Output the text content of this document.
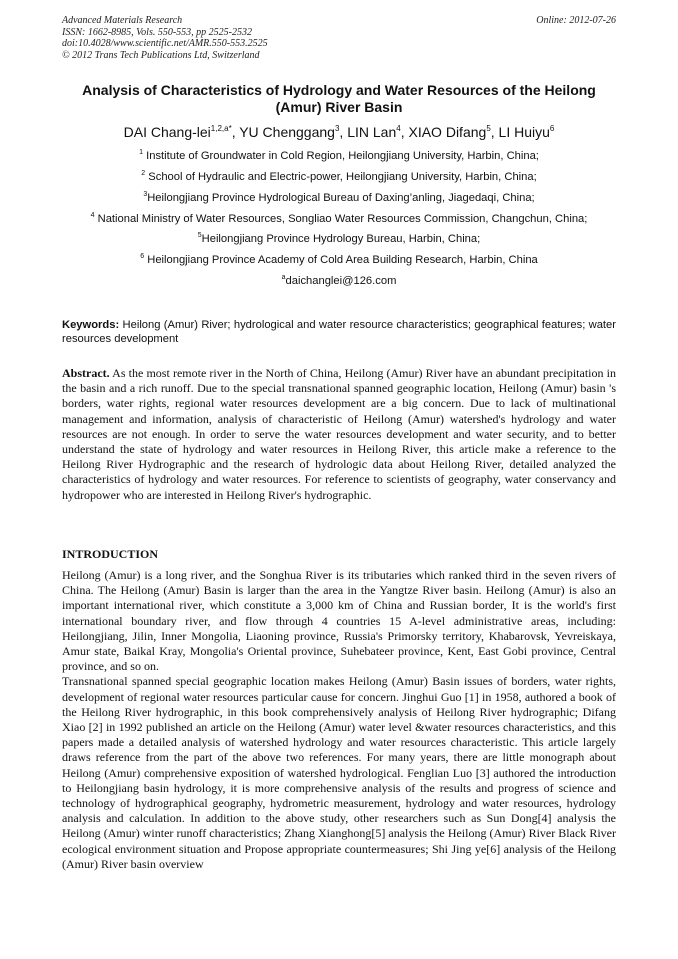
Advanced Materials Research
ISSN: 1662-8985, Vols. 550-553, pp 2525-2532
doi:10.4028/www.scientific.net/AMR.550-553.2525
© 2012 Trans Tech Publications Ltd, Switzerland
Online: 2012-07-26
Analysis of Characteristics of Hydrology and Water Resources of the Heilong (Amur) River Basin
DAI Chang-lei$^{1,2,a*}$, YU Chenggang$^3$, LIN Lan$^4$, XIAO Difang$^5$, LI Huiyu$^6$
$^1$ Institute of Groundwater in Cold Region, Heilongjiang University, Harbin, China;
$^2$ School of Hydraulic and Electric-power, Heilongjiang University, Harbin, China;
$^3$Heilongjiang Province Hydrological Bureau of Daxing’anling, Jiagedaqi, China;
$^4$ National Ministry of Water Resources, Songliao Water Resources Commission, Changchun, China;
$^5$Heilongjiang Province Hydrology Bureau, Harbin, China;
$^6$ Heilongjiang Province Academy of Cold Area Building Research, Harbin, China
$^a$daichanglei@126.com
Keywords: Heilong (Amur) River; hydrological and water resource characteristics; geographical features; water resources development
Abstract. As the most remote river in the North of China, Heilong (Amur) River have an abundant precipitation in the basin and a rich runoff. Due to the special transnational spanned geographic location, Heilong (Amur) basin 's borders, water rights, regional water resources development are a big concern. Due to lack of multinational management and information, analysis of characteristic of Heilong (Amur) watershed's hydrology and water resources are not enough. In order to serve the water resources development and water security, and to better understand the state of hydrology and water resources in Heilong River, this article make a reference to the Heilong River Hydrographic and the research of hydrologic data about Heilong River, detailed analyzed the characteristics of hydrology and water resources. For reference to scientists of geography, water conservancy and hydropower who are interested in Heilong River's hydrographic.
INTRODUCTION

Heilong (Amur) is a long river, and the Songhua River is its tributaries which ranked third in the seven rivers of China. The Heilong (Amur) Basin is larger than the area in the Yangtze River basin. Heilong (Amur) is also an important international river, which constitute a 3,000 km of China and Russian border, It is the world's first international boundary river, and flow through 4 countries 15 A-level administrative areas, including: Heilongjiang, Jilin, Inner Mongolia, Liaoning province, Russia's Primorsky territory, Khabarovsk, Yevreiskaya, Amur state, Baikal Kray, Mongolia's Oriental province, Suhebateer province, Kent, East Gobi province, Central province, and so on.

Transnational spanned special geographic location makes Heilong (Amur) Basin issues of borders, water rights, development of regional water resources particular cause for concern. Jinghui Guo [1] in 1958, authored a book of the Heilong River hydrographic, in this book comprehensively analysis of Heilong River hydrographic; Difang Xiao [2] in 1992 published an article on the Heilong (Amur) water level &water resources characteristics, and this papers made a detailed analysis of watershed hydrology and water resources characteristic. This article largely draws reference from the part of the above two references. For many years, there are little monograph about Heilong (Amur) comprehensive exposition of watershed hydrological. Fenglian Luo [3] authored the introduction to Heilongjiang basin hydrology, it is more comprehensive analysis of the results and progress of science and technology of hydrographical geography, hydrometric measurement, hydrology and water resources, hydrology analysis and calculation. In addition to the above study, other researchers such as Sun Dong[4] analysis the Heilong (Amur) winter runoff characteristics; Zhang Xianghong[5] analysis the Heilong (Amur) River Black River ecological environment situation and Propose appropriate countermeasures; Shi Jing ye[6] analysis of the Heilong (Amur) River basin overview
